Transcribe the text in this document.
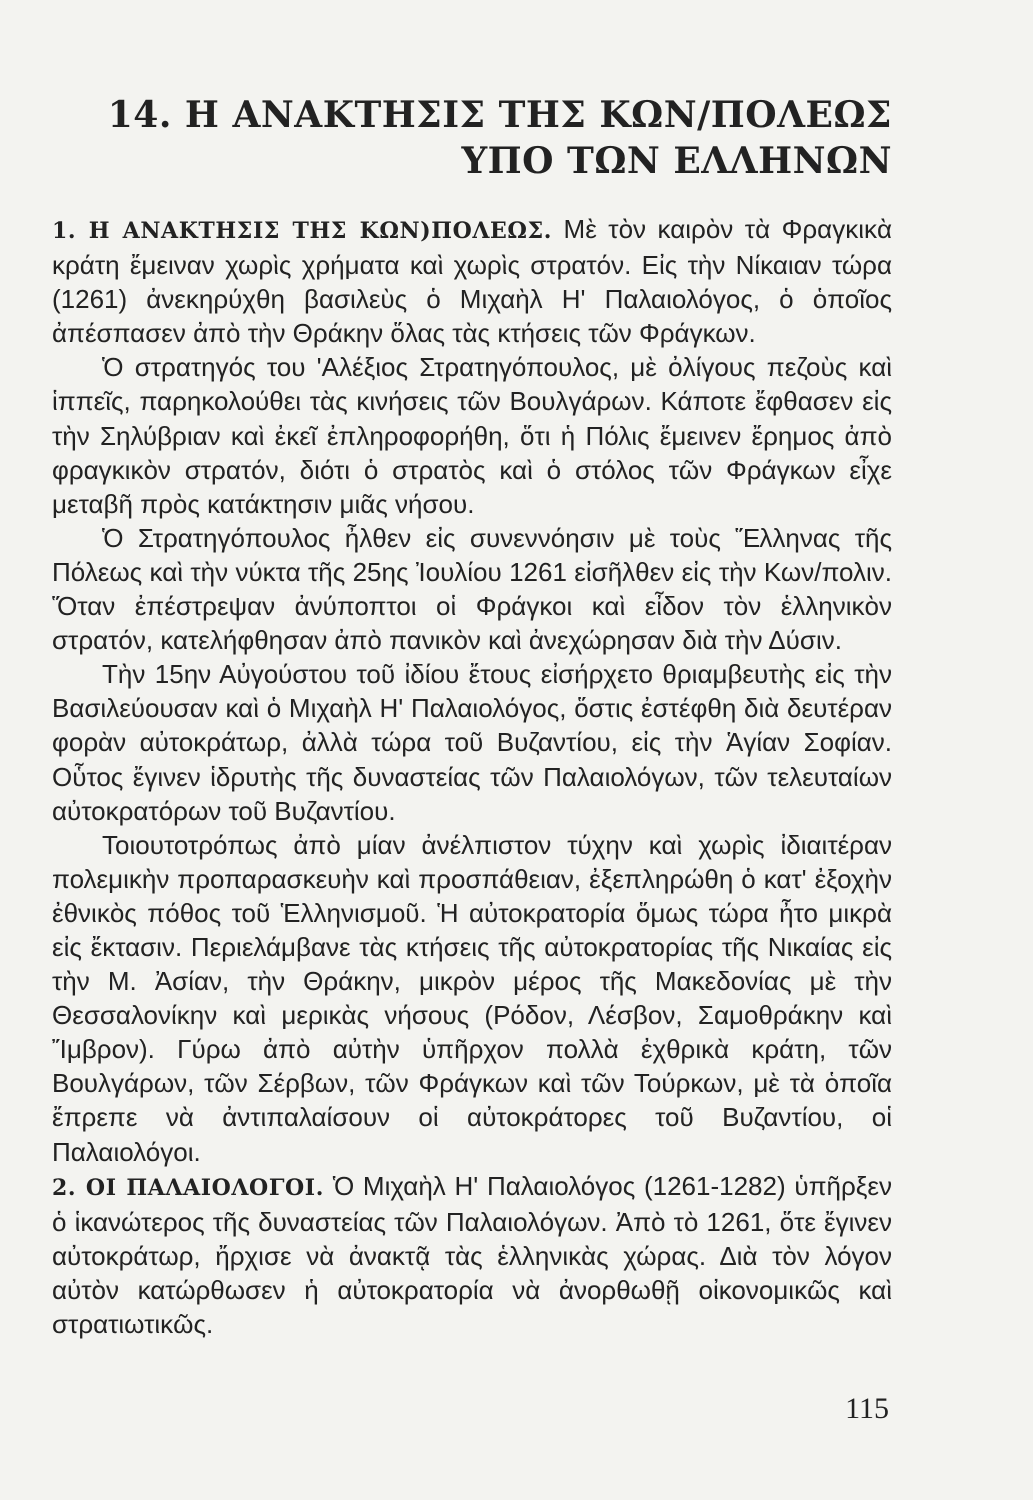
14. Η ΑΝΑΚΤΗΣΙΣ ΤΗΣ ΚΩΝ/ΠΟΛΕΩΣ
ΥΠΟ ΤΩΝ ΕΛΛΗΝΩΝ

1. Η ΑΝΑΚΤΗΣΙΣ ΤΗΣ ΚΩΝ)ΠΟΛΕΩΣ. Μὲ τὸν καιρὸν τὰ Φραγκικὰ κράτη ἔμειναν χωρὶς χρήματα καὶ χωρὶς στρατόν. Εἰς τὴν Νίκαιαν τώρα (1261) ἀνεκηρύχθη βασιλεὺς ὁ Μιχαὴλ Η' Παλαιολόγος, ὁ ὁποῖος ἀπέσπασεν ἀπὸ τὴν Θράκην ὅλας τὰς κτήσεις τῶν Φράγκων.

Ὁ στρατηγός του 'Αλέξιος Στρατηγόπουλος, μὲ ὀλίγους πεζοὺς καὶ ἱππεῖς, παρηκολούθει τὰς κινήσεις τῶν Βουλγάρων. Κάποτε ἔφθασεν εἰς τὴν Σηλύβριαν καὶ ἐκεῖ ἐπληροφορήθη, ὅτι ἡ Πόλις ἔμεινεν ἔρημος ἀπὸ φραγκικὸν στρατόν, διότι ὁ στρατὸς καὶ ὁ στόλος τῶν Φράγκων εἶχε μεταβῆ πρὸς κατάκτησιν μιᾶς νήσου.

Ὁ Στρατηγόπουλος ἦλθεν εἰς συνεννόησιν μὲ τοὺς Ἕλληνας τῆς Πόλεως καὶ τὴν νύκτα τῆς 25ης Ἰουλίου 1261 εἰσῆλθεν εἰς τὴν Κων/πολιν. Ὅταν ἐπέστρεψαν ἀνύποπτοι οἱ Φράγκοι καὶ εἶδον τὸν ἑλληνικὸν στρατόν, κατελήφθησαν ἀπὸ πανικὸν καὶ ἀνεχώρησαν διὰ τὴν Δύσιν.

Τὴν 15ην Αὐγούστου τοῦ ἰδίου ἔτους εἰσήρχετο θριαμβευτὴς εἰς τὴν Βασιλεύουσαν καὶ ὁ Μιχαὴλ Η' Παλαιολόγος, ὅστις ἐστέφθη διὰ δευτέραν φορὰν αὐτοκράτωρ, ἀλλὰ τώρα τοῦ Βυζαντίου, εἰς τὴν Ἁγίαν Σοφίαν. Οὗτος ἔγινεν ἱδρυτὴς τῆς δυναστείας τῶν Παλαιολόγων, τῶν τελευταίων αὐτοκρατόρων τοῦ Βυζαντίου.

Τοιουτοτρόπως ἀπὸ μίαν ἀνέλπιστον τύχην καὶ χωρὶς ἰδιαιτέραν πολεμικὴν προπαρασκευὴν καὶ προσπάθειαν, ἐξεπληρώθη ὁ κατ' ἐξοχὴν ἐθνικὸς πόθος τοῦ Ἑλληνισμοῦ. Ἡ αὐτοκρατορία ὅμως τώρα ἦτο μικρὰ εἰς ἔκτασιν. Περιελάμβανε τὰς κτήσεις τῆς αὐτοκρατορίας τῆς Νικαίας εἰς τὴν Μ. Ἀσίαν, τὴν Θράκην, μικρὸν μέρος τῆς Μακεδονίας μὲ τὴν Θεσσαλονίκην καὶ μερικὰς νήσους (Ρόδον, Λέσβον, Σαμοθράκην καὶ Ἴμβρον). Γύρω ἀπὸ αὐτὴν ὑπῆρχον πολλὰ ἐχθρικὰ κράτη, τῶν Βουλγάρων, τῶν Σέρβων, τῶν Φράγκων καὶ τῶν Τούρκων, μὲ τὰ ὁποῖα ἔπρεπε νὰ ἀντιπαλαίσουν οἱ αὐτοκράτορες τοῦ Βυζαντίου, οἱ Παλαιολόγοι.

2. ΟΙ ΠΑΛΑΙΟΛΟΓΟΙ. Ὁ Μιχαὴλ Η' Παλαιολόγος (1261-1282) ὑπῆρξεν ὁ ἱκανώτερος τῆς δυναστείας τῶν Παλαιολόγων. Ἀπὸ τὸ 1261, ὅτε ἔγινεν αὐτοκράτωρ, ἤρχισε νὰ ἀνακτᾷ τὰς ἑλληνικὰς χώρας. Διὰ τὸν λόγον αὐτὸν κατώρθωσεν ἡ αὐτοκρατορία νὰ ἀνορθωθῇ οἰκονομικῶς καὶ στρατιωτικῶς.

115
